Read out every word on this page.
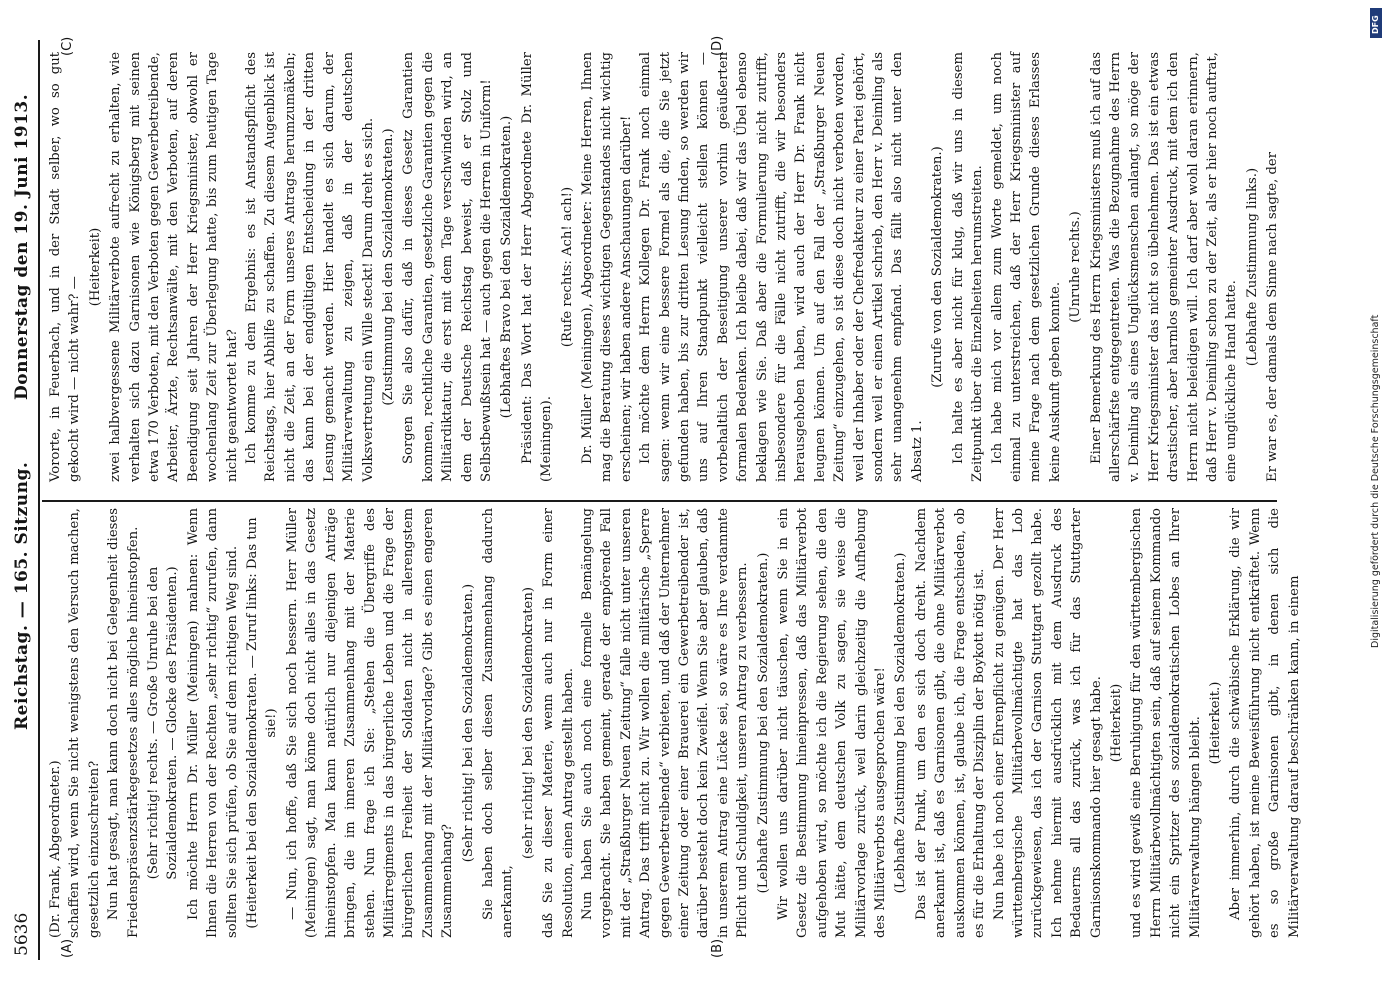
5636
Reichstag. — 165. Sitzung.
Donnerstag den 19. Juni 1913.
(A)	(B)
(C)	(D)

(Dr. Frank, Abgeordneter.) schaffen wird, wenn Sie nicht wenigstens den Versuch machen, gesetzlich einzuschreiten? Nun hat gesagt, man kann doch nicht bei Gelegenheit dieses Friedenspräsenzstärkegesetzes alles mögliche hineinstopfen. (Sehr richtig! rechts. — Große Unruhe bei den Sozialdemokraten. — Glocke des Präsidenten.) Ich möchte Herrn Dr. Müller (Meiningen) mahnen: Wenn Ihnen die Herren von der Rechten „sehr richtig“ zurufen, dann sollten Sie sich prüfen, ob Sie auf dem richtigen Weg sind. (Heiterkeit bei den Sozialdemokraten. — Zuruf links: Das tun sie!) — Nun, ich hoffe, daß Sie sich noch bessern. Herr Müller (Meiningen) sagt, man könne doch nicht alles in das Gesetz hineinstopfen. Man kann natürlich nur diejenigen Anträge bringen, die im inneren Zusammenhang mit der Materie stehen. Nun frage ich Sie: „Stehen die Übergriffe des Militärregiments in das bürgerliche Leben und die Frage der bürgerlichen Freiheit der Soldaten nicht in allerengstem Zusammenhang mit der Militärvorlage? Gibt es einen engeren Zusammenhang?

(Sehr richtig! bei den Sozialdemokraten.) Sie haben doch selber diesen Zusammenhang dadurch anerkannt,

(sehr richtig! bei den Sozialdemokraten) daß Sie zu dieser Materie, wenn auch nur in Form einer Resolution, einen Antrag gestellt haben. Nun haben Sie auch noch eine formelle Bemängelung vorgebracht. Sie haben gemeint, gerade der empörende Fall mit der „Straßburger Neuen Zeitung“ falle nicht unter unseren Antrag. Das trifft nicht zu. Wir wollen die militärische „Sperre gegen Gewerbetreibende“ verbieten, und daß der Unternehmer einer Zeitung oder einer Brauerei ein Gewerbetreibender ist, darüber besteht doch kein Zweifel. Wenn Sie aber glauben, daß in unserem Antrag eine Lücke sei, so wäre es Ihre verdammte Pflicht und Schuldigkeit, unseren Antrag zu verbessern. (Lebhafte Zustimmung bei den Sozialdemokraten.) Wir wollen uns darüber nicht täuschen, wenn Sie in ein Gesetz die Bestimmung hineinpressen, daß das Militärverbot aufgehoben wird, so möchte ich die Regierung sehen, die den Mut hätte, dem deutschen Volk zu sagen, sie weise die Militärvorlage zurück, weil darin gleichzeitig die Aufhebung des Militärverbots ausgesprochen wäre! (Lebhafte Zustimmung bei den Sozialdemokraten.) Das ist der Punkt, um den es sich doch dreht. Nachdem anerkannt ist, daß es Garnisonen gibt, die ohne Militärverbot auskommen können, ist, glaube ich, die Frage entschieden, ob es für die Erhaltung der Disziplin der Boykott nötig ist. Nun habe ich noch einer Ehrenpflicht zu genügen. Der Herr württembergische Militärbevollmächtigte hat das Lob zurückgewiesen, das ich der Garnison Stuttgart gezollt habe. Ich nehme hiermit ausdrücklich mit dem Ausdruck des Bedauerns all das zurück, was ich für das Stuttgarter Garnisonskommando hier gesagt habe. (Heiterkeit) und es wird gewiß eine Beruhigung für den württembergischen Herrn Militärbevollmächtigten sein, daß auf seinem Kommando nicht ein Spritzer des sozialdemokratischen Lobes an Ihrer Militärverwaltung hängen bleibt. (Heiterkeit.) Aber immerhin, durch die schwäbische Erklärung, die wir gehört haben, ist meine Beweisführung nicht entkräftet. Wenn es so große Garnisonen gibt, in denen sich die Militärverwaltung darauf beschränken kann, in einem

Vororte, in Feuerbach, und in der Stadt selber, wo so gut gekocht wird — nicht wahr? —

(Heiterkeit) zwei halbvergessene Militärverbote aufrecht zu erhalten, wie verhalten sich dazu Garnisonen wie Königsberg mit seinen etwa 170 Verboten, mit den Verboten gegen Gewerbetreibende, Arbeiter, Ärzte, Rechtsanwälte, mit den Verboten, auf deren Beendigung seit Jahren der Herr Kriegsminister, obwohl er wochenlang Zeit zur Überlegung hatte, bis zum heutigen Tage nicht geantwortet hat? Ich komme zu dem Ergebnis: es ist Anstandspflicht des Reichstags, hier Abhilfe zu schaffen. Zu diesem Augenblick ist nicht die Zeit, an der Form unseres Antrags herumzumäkeln; das kann bei der endgültigen Entscheidung in der dritten Lesung gemacht werden. Hier handelt es sich darum, der Militärverwaltung zu zeigen, daß in der deutschen Volksvertretung ein Wille steckt! Darum dreht es sich. (Zustimmung bei den Sozialdemokraten.) Sorgen Sie also dafür, daß in dieses Gesetz Garantien kommen, rechtliche Garantien, gesetzliche Garantien gegen die Militärdiktatur, die erst mit dem Tage verschwinden wird, an dem der Deutsche Reichstag beweist, daß er Stolz und Selbstbewußtsein hat — auch gegen die Herren in Uniform! (Lebhaftes Bravo bei den Sozialdemokraten.) Präsident: Das Wort hat der Herr Abgeordnete Dr. Müller (Meiningen).

(Rufe rechts: Ach! ach!) Dr. Müller (Meiningen), Abgeordneter: Meine Herren, Ihnen mag die Beratung dieses wichtigen Gegenstandes nicht wichtig erscheinen; wir haben andere Anschauungen darüber! Ich möchte dem Herrn Kollegen Dr. Frank noch einmal sagen: wenn wir eine bessere Formel als die, die Sie jetzt gefunden haben, bis zur dritten Lesung finden, so werden wir uns auf Ihren Standpunkt vielleicht stellen können — vorbehaltlich der Beseitigung unserer vorhin geäußerten formalen Bedenken. Ich bleibe dabei, daß wir das Übel ebenso beklagen wie Sie. Daß aber die Formulierung nicht zutrifft, insbesondere für die Fälle nicht zutrifft, die wir besonders herausgehoben haben, wird auch der Herr Dr. Frank nicht leugnen können. Um auf den Fall der „Straßburger Neuen Zeitung“ einzugehen, so ist diese doch nicht verboten worden, weil der Inhaber oder der Chefredakteur zu einer Partei gehört, sondern weil er einen Artikel schrieb, den Herr v. Deimling als sehr unangenehm empfand. Das fällt also nicht unter den Absatz 1.

(Zurufe von den Sozialdemokraten.) Ich halte es aber nicht für klug, daß wir uns in diesem Zeitpunkt über die Einzelheiten herumstreiten. Ich habe mich vor allem zum Worte gemeldet, um noch einmal zu unterstreichen, daß der Herr Kriegsminister auf meine Frage nach dem gesetzlichen Grunde dieses Erlasses keine Auskunft geben konnte.

(Unruhe rechts.) Einer Bemerkung des Herrn Kriegsministers muß ich auf das allerschärfste entgegentreten. Was die Bezugnahme des Herrn v. Deimling als eines Unglücksmenschen anlangt, so möge der Herr Kriegsminister das nicht so übelnehmen. Das ist ein etwas drastischer, aber harmlos gemeinter Ausdruck, mit dem ich den Herrn nicht beleidigen will. Ich darf aber wohl daran erinnern, daß Herr v. Deimling schon zu der Zeit, als er hier noch auftrat, eine unglückliche Hand hatte.

(Lebhafte Zustimmung links.) Er war es, der damals dem Sinne nach sagte, der

DFG
Digitalisierung gefördert durch die Deutsche Forschungsgemeinschaft
